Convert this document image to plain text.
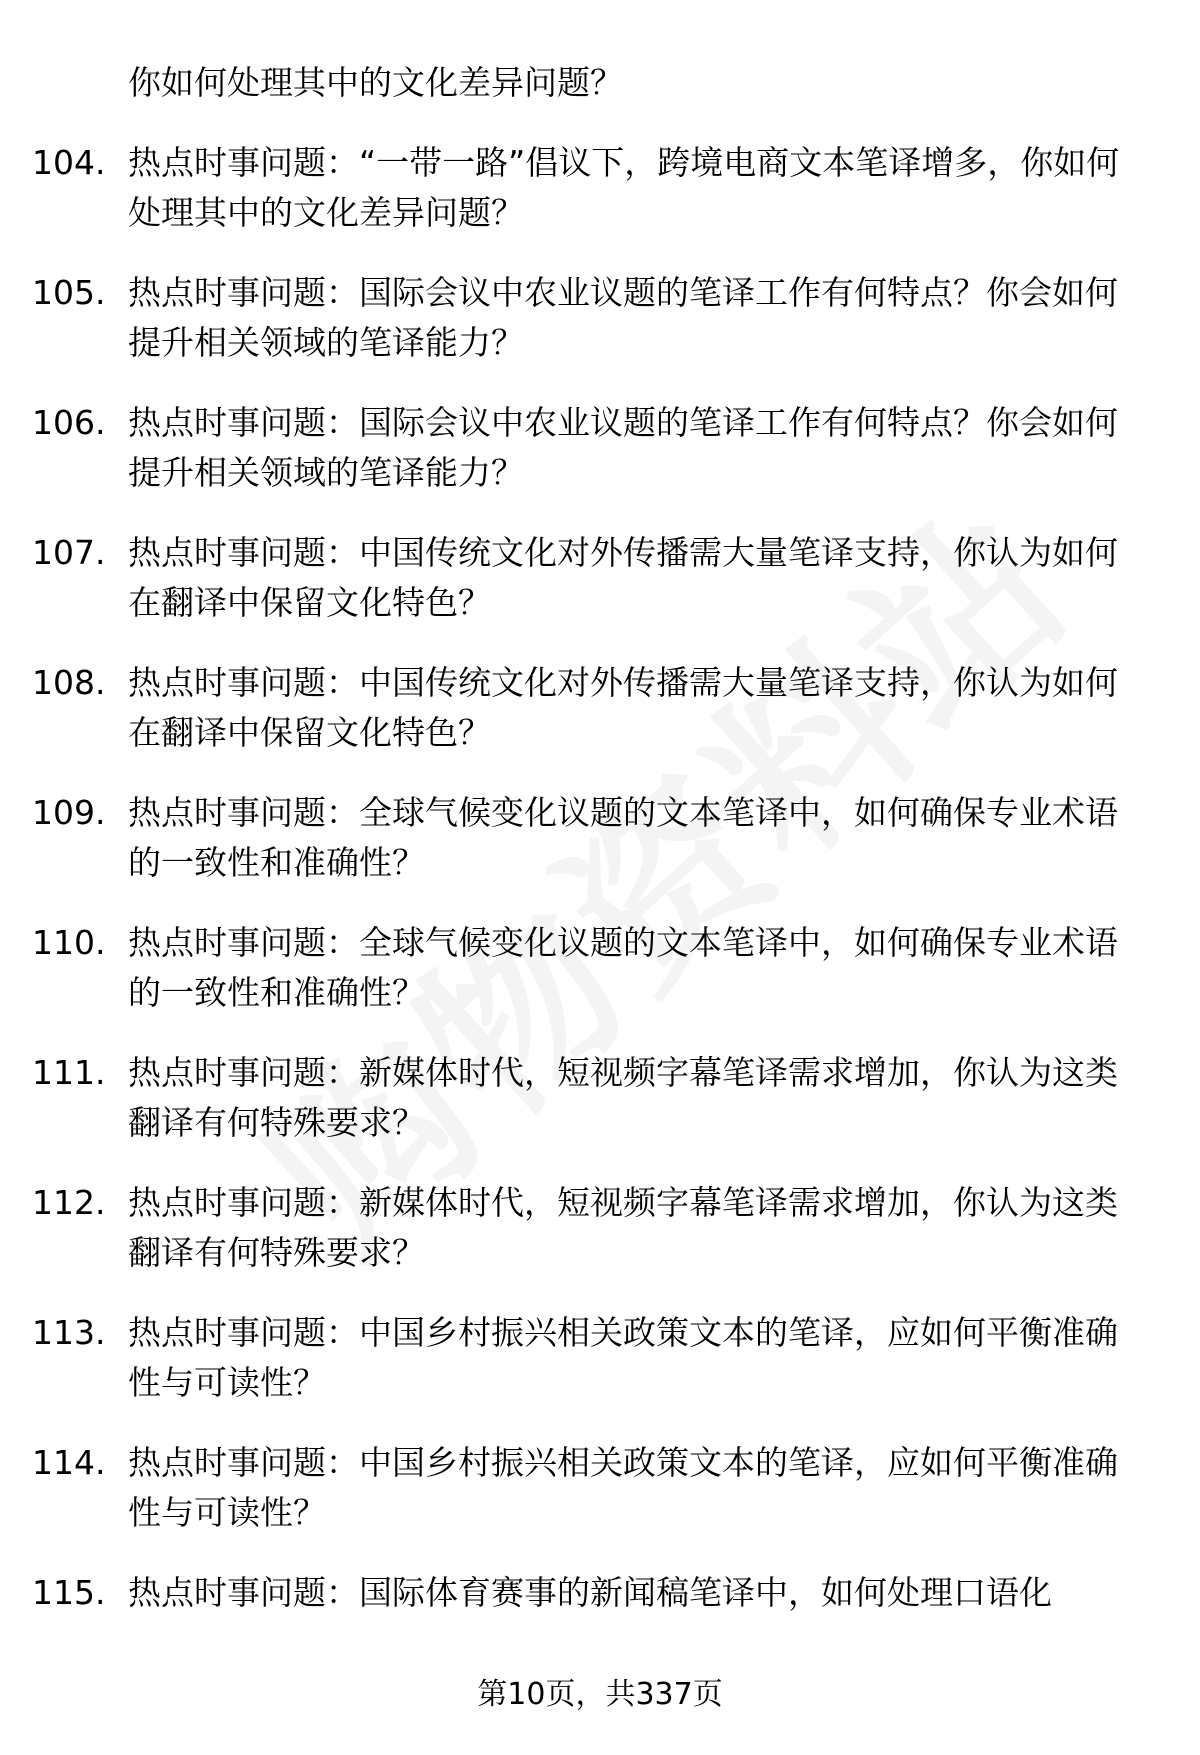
你如何处理其中的文化差异问题？
104. 热点时事问题：“一带一路”倡议下，跨境电商文本笔译增多，你如何处理其中的文化差异问题？
105. 热点时事问题：国际会议中农业议题的笔译工作有何特点？你会如何提升相关领域的笔译能力？
106. 热点时事问题：国际会议中农业议题的笔译工作有何特点？你会如何提升相关领域的笔译能力？
107. 热点时事问题：中国传统文化对外传播需大量笔译支持，你认为如何在翻译中保留文化特色？
108. 热点时事问题：中国传统文化对外传播需大量笔译支持，你认为如何在翻译中保留文化特色？
109. 热点时事问题：全球气候变化议题的文本笔译中，如何确保专业术语的一致性和准确性？
110. 热点时事问题：全球气候变化议题的文本笔译中，如何确保专业术语的一致性和准确性？
111. 热点时事问题：新媒体时代，短视频字幕笔译需求增加，你认为这类翻译有何特殊要求？
112. 热点时事问题：新媒体时代，短视频字幕笔译需求增加，你认为这类翻译有何特殊要求？
113. 热点时事问题：中国乡村振兴相关政策文本的笔译，应如何平衡准确性与可读性？
114. 热点时事问题：中国乡村振兴相关政策文本的笔译，应如何平衡准确性与可读性？
115. 热点时事问题：国际体育赛事的新闻稿笔译中，如何处理口语化
第10页，共337页
